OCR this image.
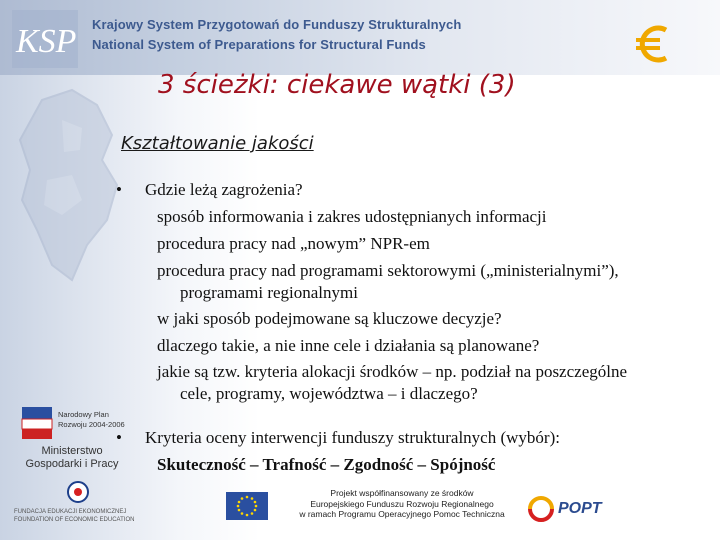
KSP Krajowy System Przygotowań do Funduszy Strukturalnych
National System of Preparations for Structural Funds
3 ścieżki: ciekawe wątki (3)
Kształtowanie jakości
• Gdzie leżą zagrożenia?
sposób informowania i zakres udostępnianych informacji
procedura pracy nad „nowym” NPR-em
procedura pracy nad programami sektorowymi („ministerialnymi”),
programami regionalnymi
w jaki sposób podejmowane są kluczowe decyzje?
dlaczego takie, a nie inne cele i działania są planowane?
jakie są tzw. kryteria alokacji środków – np. podział na poszczególne
cele, programy, województwa – i dlaczego?
• Kryteria oceny interwencji funduszy strukturalnych (wybór):
Skuteczność – Trafność – Zgodność – Spójność
Narodowy Plan
Rozwoju 2004-2006
Ministerstwo
Gospodarki i Pracy
FUNDACJA EDUKACJI EKONOMICZNEJ
FOUNDATION OF ECONOMIC EDUCATION
Projekt współfinansowany ze środków
Europejskiego Funduszu Rozwoju Regionalnego
w ramach Programu Operacyjnego Pomoc Techniczna	POPT
